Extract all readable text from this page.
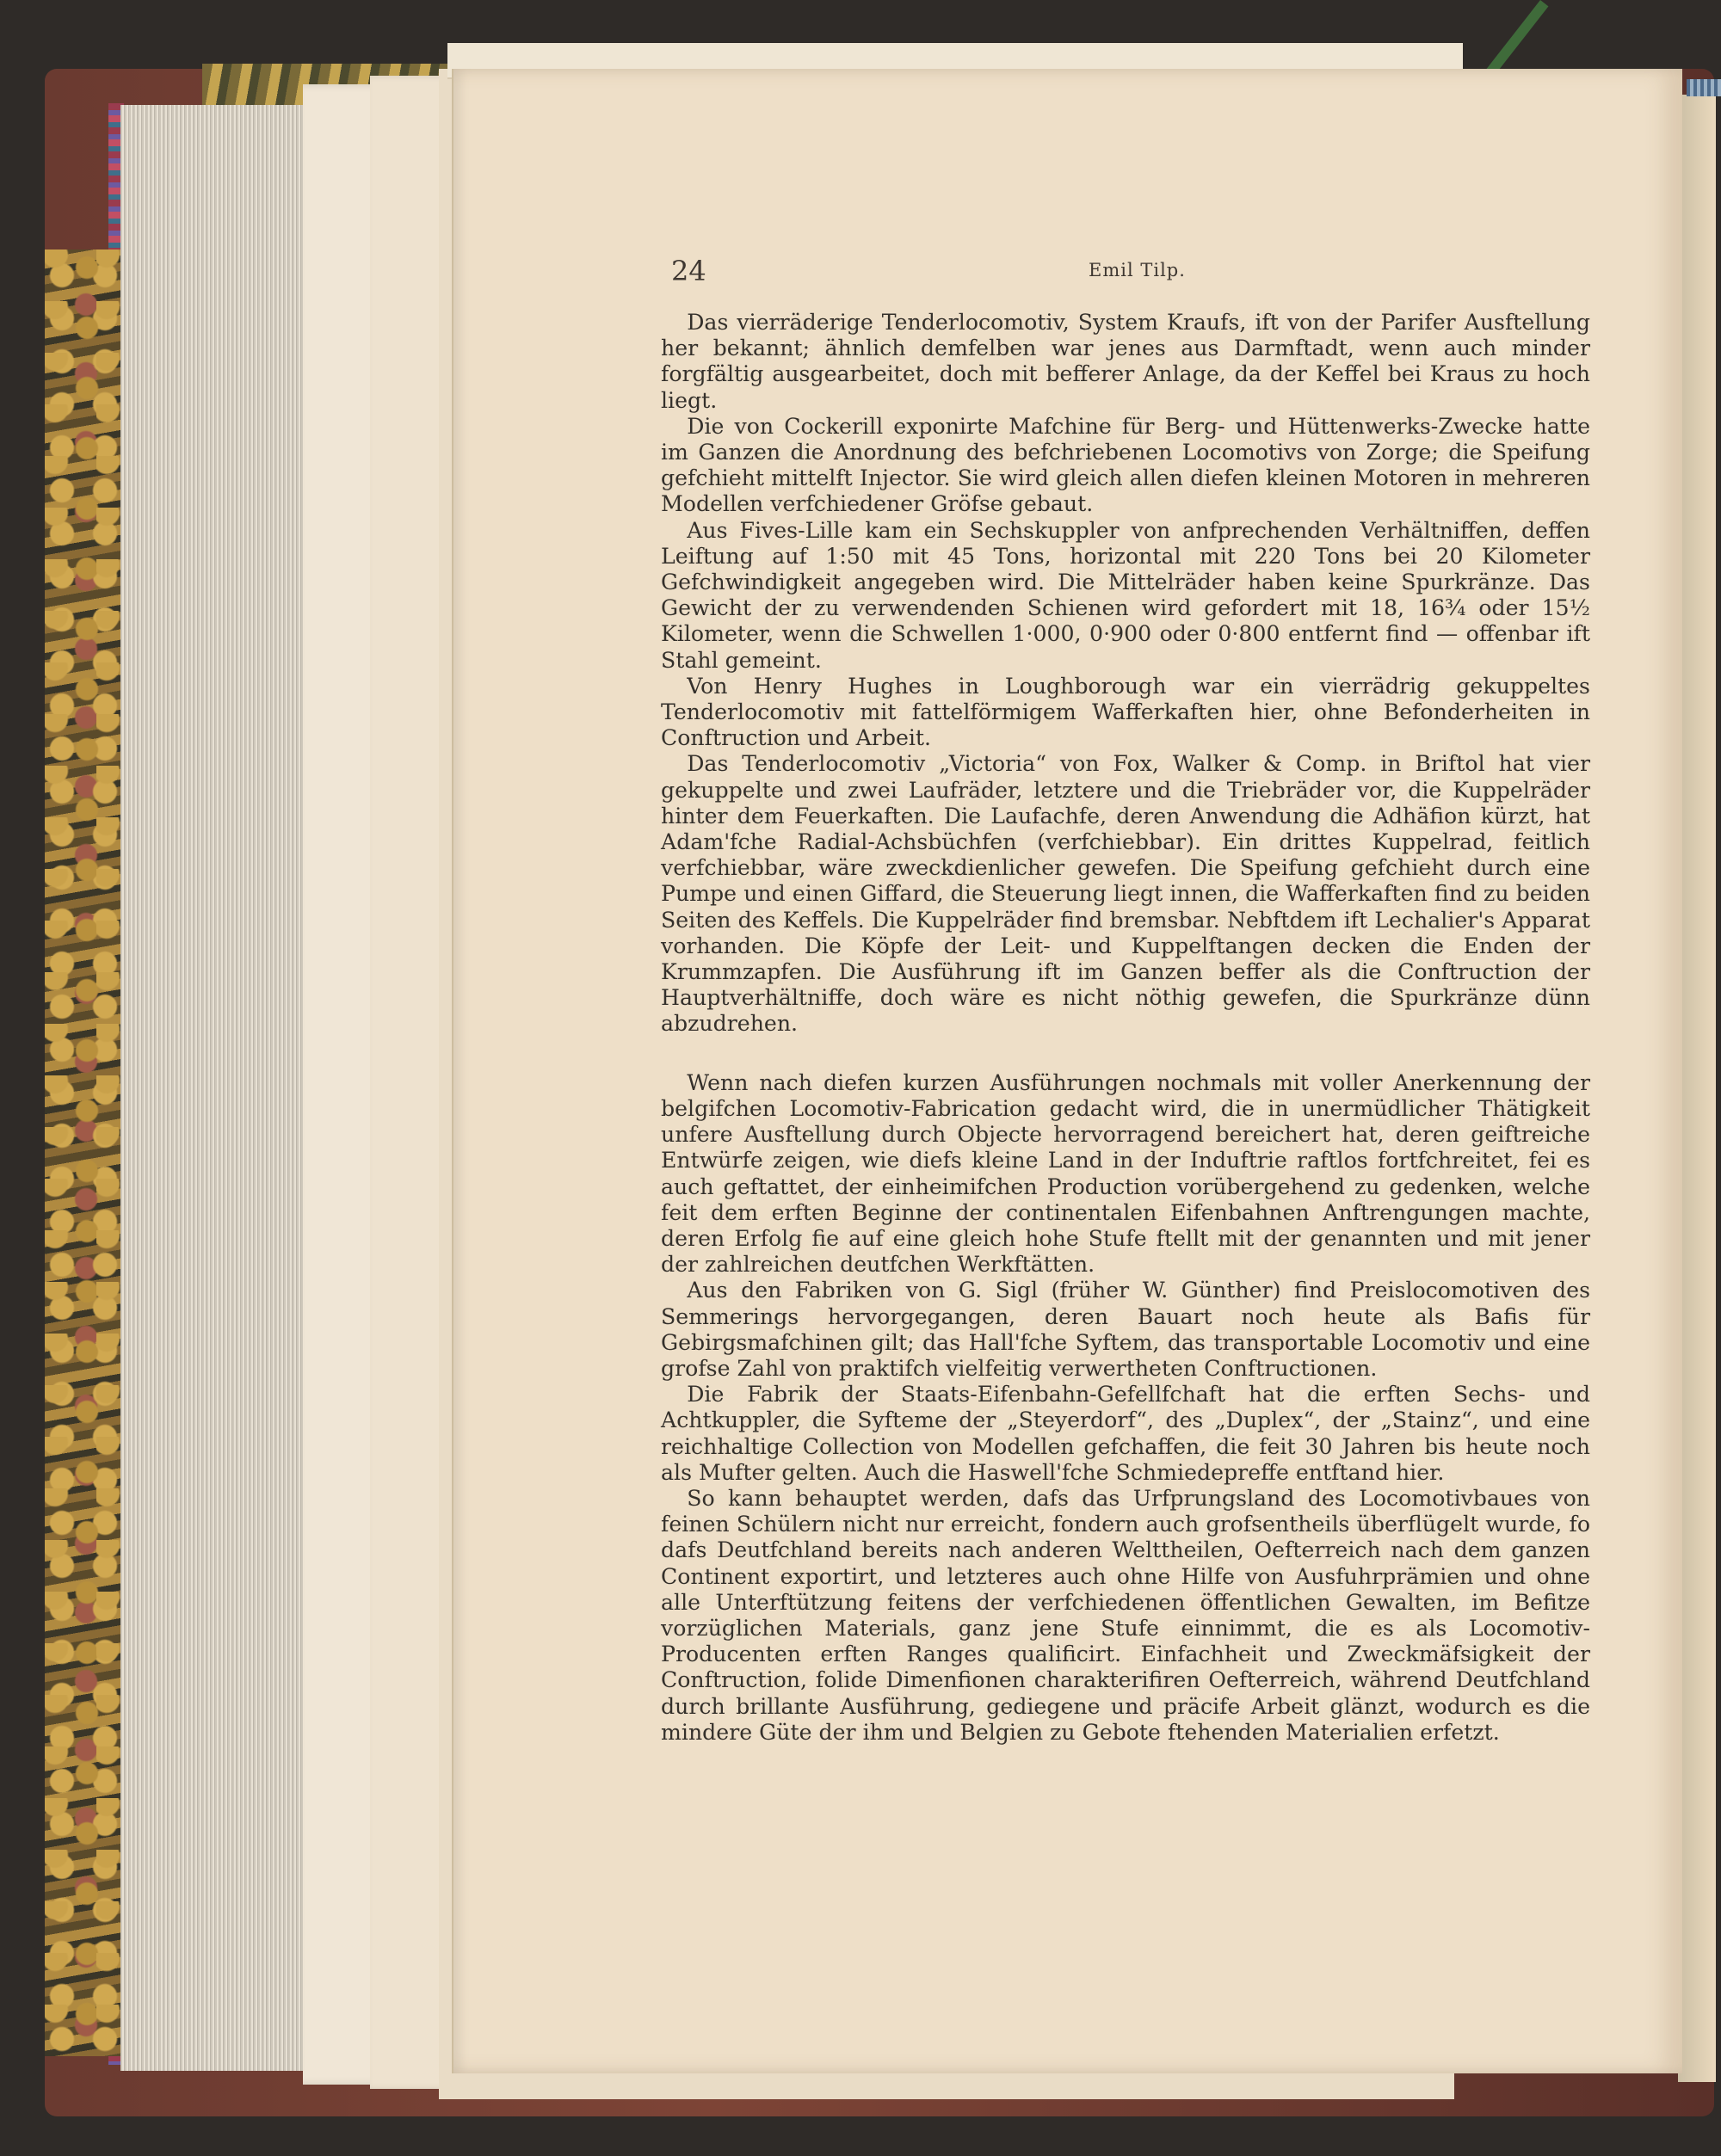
24	Emil Tilp.

Das vierräderige Tenderlocomotiv, System Kraufs, ift von der Parifer Ausftellung her bekannt; ähnlich demfelben war jenes aus Darmftadt, wenn auch minder forgfältig ausgearbeitet, doch mit befferer Anlage, da der Keffel bei Kraus zu hoch liegt.

Die von Cockerill exponirte Mafchine für Berg- und Hüttenwerks-Zwecke hatte im Ganzen die Anordnung des befchriebenen Locomotivs von Zorge; die Speifung gefchieht mittelft Injector. Sie wird gleich allen diefen kleinen Motoren in mehreren Modellen verfchiedener Gröfse gebaut.

Aus Fives-Lille kam ein Sechskuppler von anfprechenden Verhältniffen, deffen Leiftung auf 1:50 mit 45 Tons, horizontal mit 220 Tons bei 20 Kilometer Gefchwindigkeit angegeben wird. Die Mittelräder haben keine Spurkränze. Das Gewicht der zu verwendenden Schienen wird gefordert mit 18, 16¾ oder 15½ Kilometer, wenn die Schwellen 1·000, 0·900 oder 0·800 entfernt find — offenbar ift Stahl gemeint.

Von Henry Hughes in Loughborough war ein vierrädrig gekuppeltes Tenderlocomotiv mit fattelförmigem Wafferkaften hier, ohne Befonderheiten in Conftruction und Arbeit.

Das Tenderlocomotiv „Victoria“ von Fox, Walker & Comp. in Briftol hat vier gekuppelte und zwei Laufräder, letztere und die Triebräder vor, die Kuppelräder hinter dem Feuerkaften. Die Laufachfe, deren Anwendung die Adhäfion kürzt, hat Adam'fche Radial-Achsbüchfen (verfchiebbar). Ein drittes Kuppelrad, feitlich verfchiebbar, wäre zweckdienlicher gewefen. Die Speifung gefchieht durch eine Pumpe und einen Giffard, die Steuerung liegt innen, die Wafferkaften find zu beiden Seiten des Keffels. Die Kuppelräder find bremsbar. Nebftdem ift Lechalier's Apparat vorhanden. Die Köpfe der Leit- und Kuppelftangen decken die Enden der Krummzapfen. Die Ausführung ift im Ganzen beffer als die Conftruction der Hauptverhältniffe, doch wäre es nicht nöthig gewefen, die Spurkränze dünn abzudrehen.

Wenn nach diefen kurzen Ausführungen nochmals mit voller Anerkennung der belgifchen Locomotiv-Fabrication gedacht wird, die in unermüdlicher Thätigkeit unfere Ausftellung durch Objecte hervorragend bereichert hat, deren geiftreiche Entwürfe zeigen, wie diefs kleine Land in der Induftrie raftlos fortfchreitet, fei es auch geftattet, der einheimifchen Production vorübergehend zu gedenken, welche feit dem erften Beginne der continentalen Eifenbahnen Anftrengungen machte, deren Erfolg fie auf eine gleich hohe Stufe ftellt mit der genannten und mit jener der zahlreichen deutfchen Werkftätten.

Aus den Fabriken von G. Sigl (früher W. Günther) find Preislocomotiven des Semmerings hervorgegangen, deren Bauart noch heute als Bafis für Gebirgsmafchinen gilt; das Hall'fche Syftem, das transportable Locomotiv und eine grofse Zahl von praktifch vielfeitig verwertheten Conftructionen.

Die Fabrik der Staats-Eifenbahn-Gefellfchaft hat die erften Sechs- und Achtkuppler, die Syfteme der „Steyerdorf“, des „Duplex“, der „Stainz“, und eine reichhaltige Collection von Modellen gefchaffen, die feit 30 Jahren bis heute noch als Mufter gelten. Auch die Haswell'fche Schmiedepreffe entftand hier.

So kann behauptet werden, dafs das Urfprungsland des Locomotivbaues von feinen Schülern nicht nur erreicht, fondern auch grofsentheils überflügelt wurde, fo dafs Deutfchland bereits nach anderen Welttheilen, Oefterreich nach dem ganzen Continent exportirt, und letzteres auch ohne Hilfe von Ausfuhrprämien und ohne alle Unterftützung feitens der verfchiedenen öffentlichen Gewalten, im Befitze vorzüglichen Materials, ganz jene Stufe einnimmt, die es als Locomotiv-Producenten erften Ranges qualificirt. Einfachheit und Zweckmäfsigkeit der Conftruction, folide Dimenfionen charakterifiren Oefterreich, während Deutfchland durch brillante Ausführung, gediegene und präcife Arbeit glänzt, wodurch es die mindere Güte der ihm und Belgien zu Gebote ftehenden Materialien erfetzt.
